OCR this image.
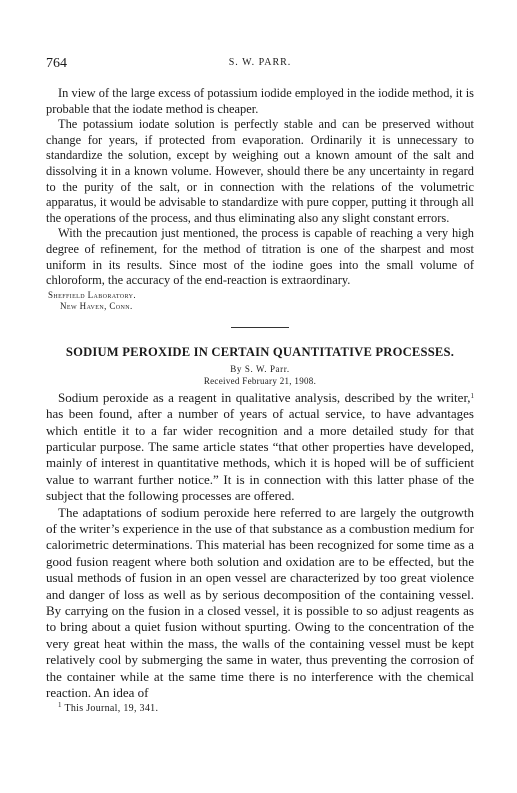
764	S. W. PARR.

In view of the large excess of potassium iodide employed in the iodide method, it is probable that the iodate method is cheaper.

The potassium iodate solution is perfectly stable and can be preserved without change for years, if protected from evaporation. Ordinarily it is unnecessary to standardize the solution, except by weighing out a known amount of the salt and dissolving it in a known volume. However, should there be any uncertainty in regard to the purity of the salt, or in connection with the relations of the volumetric apparatus, it would be advisable to standardize with pure copper, putting it through all the operations of the process, and thus eliminating also any slight constant errors.

With the precaution just mentioned, the process is capable of reaching a very high degree of refinement, for the method of titration is one of the sharpest and most uniform in its results. Since most of the iodine goes into the small volume of chloroform, the accuracy of the end-reaction is extraordinary.

Sheffield Laboratory.
New Haven, Conn.
SODIUM PEROXIDE IN CERTAIN QUANTITATIVE PROCESSES.
By S. W. Parr.
Received February 21, 1908.

Sodium peroxide as a reagent in qualitative analysis, described by the writer,$^1$ has been found, after a number of years of actual service, to have advantages which entitle it to a far wider recognition and a more detailed study for that particular purpose. The same article states “that other properties have developed, mainly of interest in quantitative methods, which it is hoped will be of sufficient value to warrant further notice.” It is in connection with this latter phase of the subject that the following processes are offered.

The adaptations of sodium peroxide here referred to are largely the outgrowth of the writer’s experience in the use of that substance as a combustion medium for calorimetric determinations. This material has been recognized for some time as a good fusion reagent where both solution and oxidation are to be effected, but the usual methods of fusion in an open vessel are characterized by too great violence and danger of loss as well as by serious decomposition of the containing vessel. By carrying on the fusion in a closed vessel, it is possible to so adjust reagents as to bring about a quiet fusion without spurting. Owing to the concentration of the very great heat within the mass, the walls of the containing vessel must be kept relatively cool by submerging the same in water, thus preventing the corrosion of the container while at the same time there is no interference with the chemical reaction. An idea of

$^1$ This Journal, 19, 341.
